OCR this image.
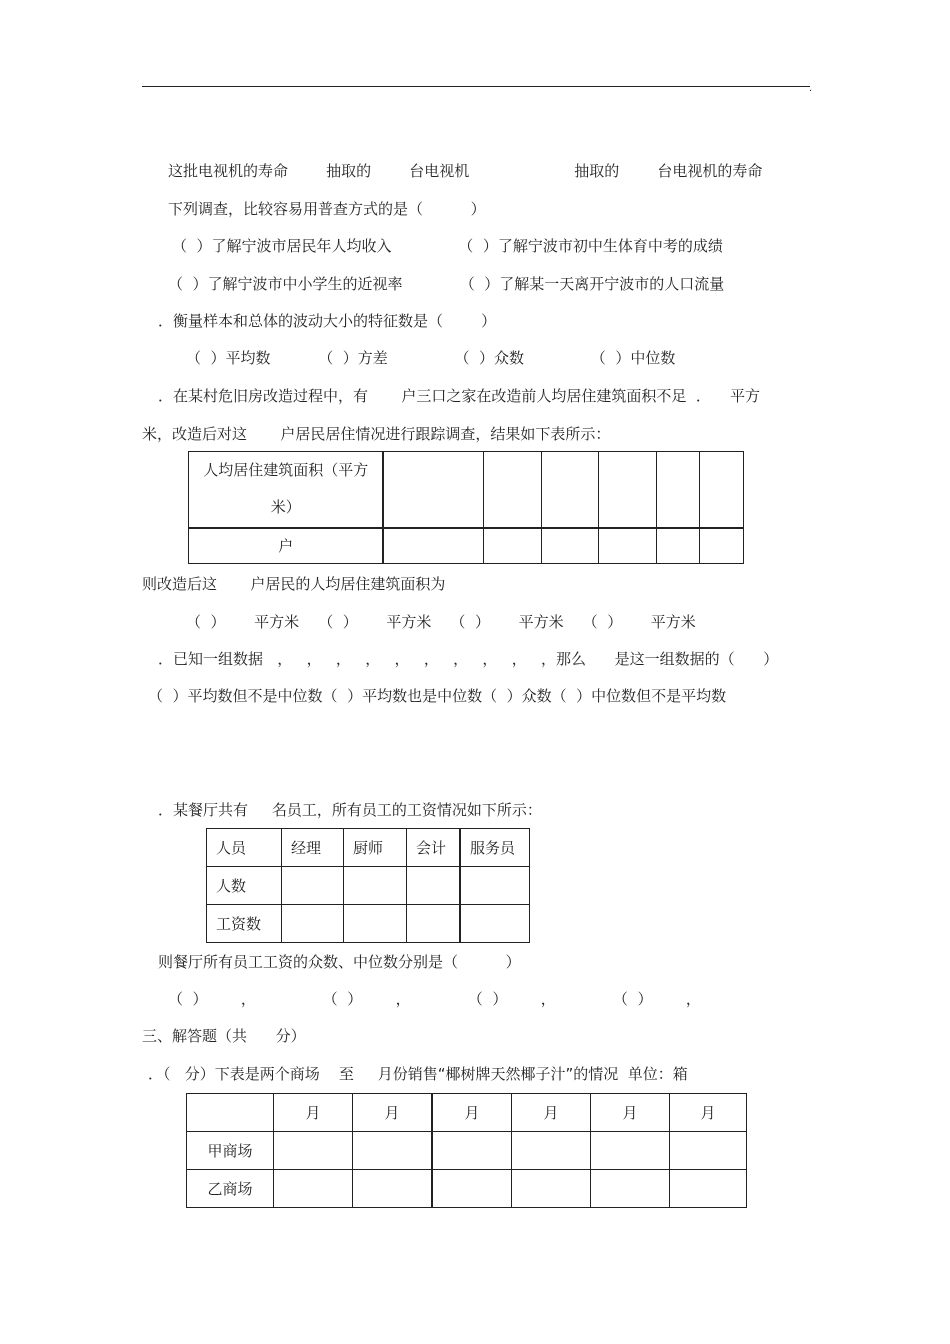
.
这批电视机的寿命        抽取的        台电视机                      抽取的        台电视机的寿命
下列调查，比较容易用普查方式的是（          ）
（  ）了解宁波市居民年人均收入              （  ）了解宁波市初中生体育中考的成绩
（  ）了解宁波市中小学生的近视率            （  ）了解某一天离开宁波市的人口流量
．衡量样本和总体的波动大小的特征数是（        ）
（  ）平均数          （  ）方差              （  ）众数              （  ）中位数
．在某村危旧房改造过程中，有       户三口之家在改造前人均居住建筑面积不足  ．    平方
米，改造后对这       户居民居住情况进行跟踪调查，结果如下表所示：
人均居住建筑面积（平方
米）						
户						
则改造后这       户居民的人均居住建筑面积为
（  ）      平方米    （  ）      平方米    （  ）      平方米    （  ）      平方米
．已知一组数据   ，   ，   ，   ，   ，   ，   ，   ，   ，   ，那么      是这一组数据的（      ）
（  ）平均数但不是中位数（  ）平均数也是中位数（  ）众数（  ）中位数但不是平均数
．某餐厅共有     名员工，所有员工的工资情况如下所示：
人员	经理	厨师	会计	服务员
人数				
工资数				
则餐厅所有员工工资的众数、中位数分别是（          ）
（  ）       ，              （  ）       ，            （  ）       ，            （  ）       ，
三、解答题（共      分）
．（   分）下表是两个商场    至     月份销售“椰树牌天然椰子汁”的情况  单位：箱
	月	月	月	月	月	月
甲商场						
乙商场						
